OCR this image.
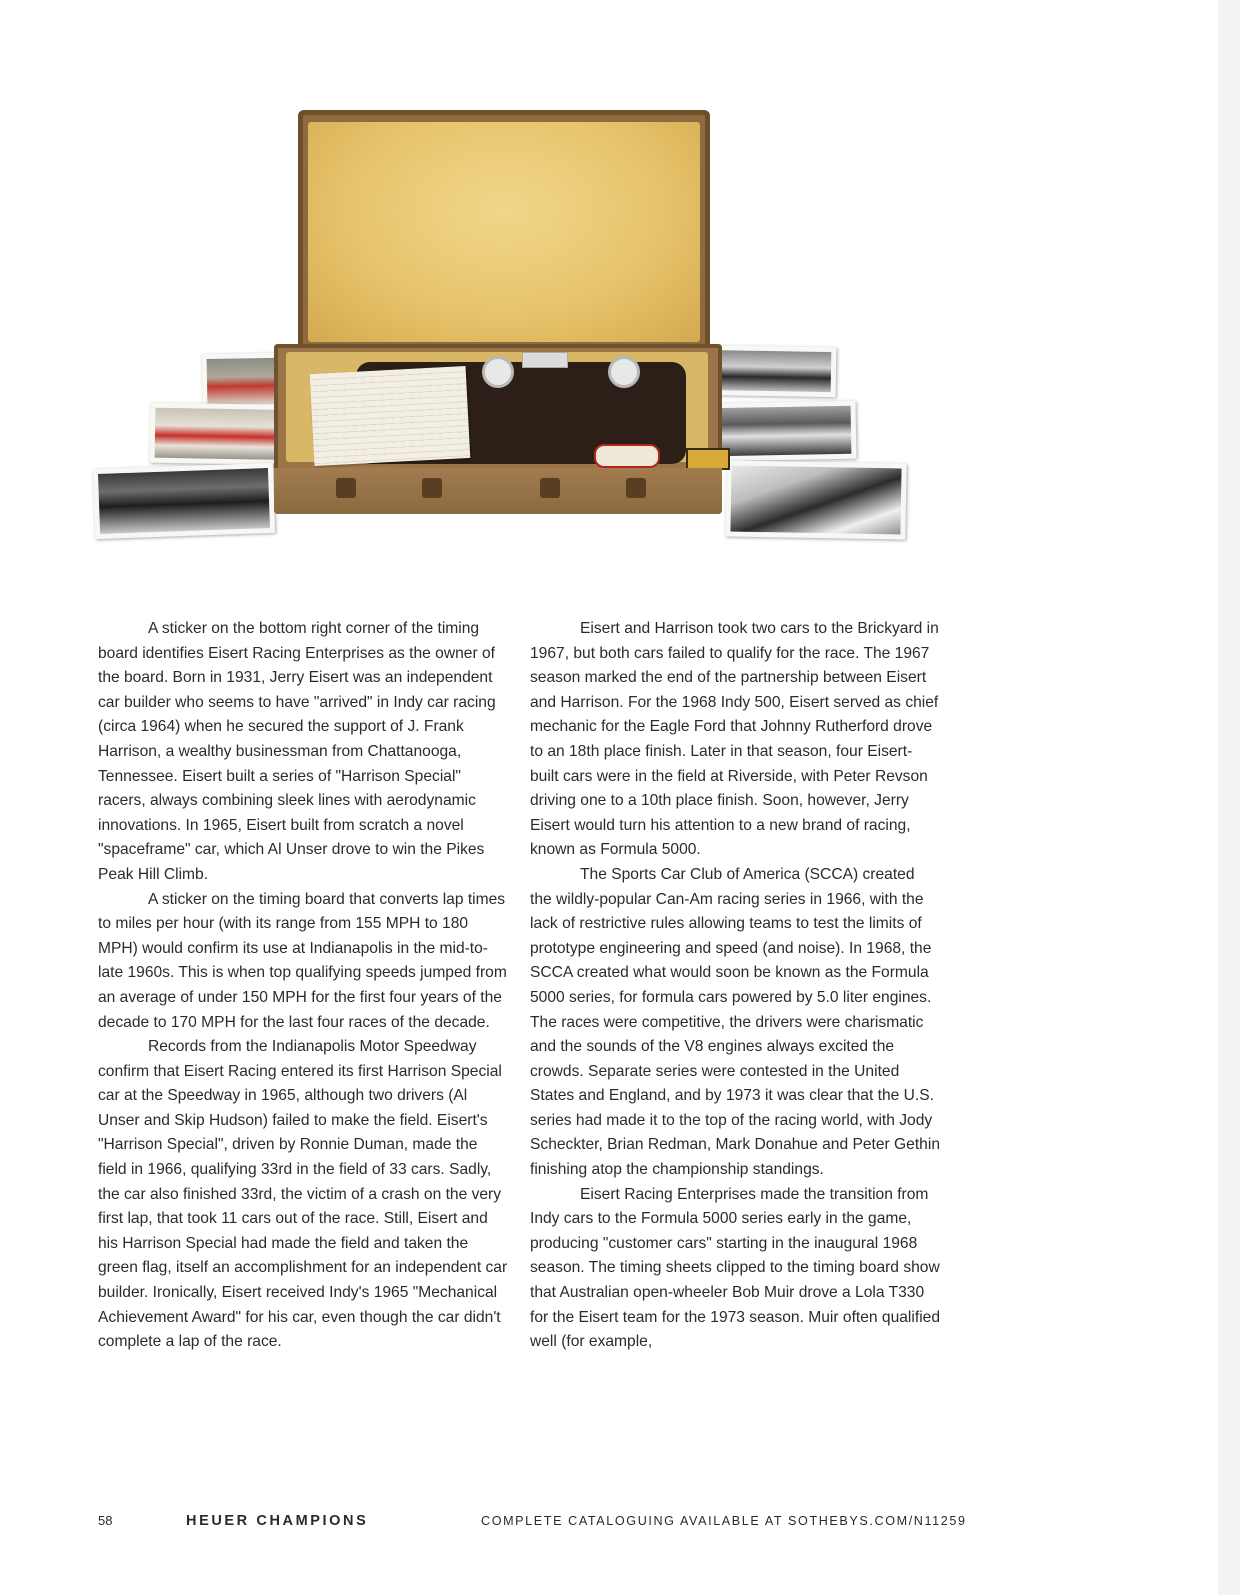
A sticker on the bottom right corner of the timing board identifies Eisert Racing Enterprises as the owner of the board. Born in 1931, Jerry Eisert was an independent car builder who seems to have "arrived" in Indy car racing (circa 1964) when he secured the support of J. Frank Harrison, a wealthy businessman from Chattanooga, Tennessee. Eisert built a series of "Harrison Special" racers, always combining sleek lines with aerodynamic innovations. In 1965, Eisert built from scratch a novel "spaceframe" car, which Al Unser drove to win the Pikes Peak Hill Climb.

A sticker on the timing board that converts lap times to miles per hour (with its range from 155 MPH to 180 MPH) would confirm its use at Indianapolis in the mid-to-late 1960s. This is when top qualifying speeds jumped from an average of under 150 MPH for the first four years of the decade to 170 MPH for the last four races of the decade.

Records from the Indianapolis Motor Speedway confirm that Eisert Racing entered its first Harrison Special car at the Speedway in 1965, although two drivers (Al Unser and Skip Hudson) failed to make the field. Eisert's "Harrison Special", driven by Ronnie Duman, made the field in 1966, qualifying 33rd in the field of 33 cars. Sadly, the car also finished 33rd, the victim of a crash on the very first lap, that took 11 cars out of the race. Still, Eisert and his Harrison Special had made the field and taken the green flag, itself an accomplishment for an independent car builder. Ironically, Eisert received Indy's 1965 "Mechanical Achievement Award" for his car, even though the car didn't complete a lap of the race.

Eisert and Harrison took two cars to the Brickyard in 1967, but both cars failed to qualify for the race. The 1967 season marked the end of the partnership between Eisert and Harrison. For the 1968 Indy 500, Eisert served as chief mechanic for the Eagle Ford that Johnny Rutherford drove to an 18th place finish. Later in that season, four Eisert-built cars were in the field at Riverside, with Peter Revson driving one to a 10th place finish. Soon, however, Jerry Eisert would turn his attention to a new brand of racing, known as Formula 5000.

The Sports Car Club of America (SCCA) created the wildly-popular Can-Am racing series in 1966, with the lack of restrictive rules allowing teams to test the limits of prototype engineering and speed (and noise). In 1968, the SCCA created what would soon be known as the Formula 5000 series, for formula cars powered by 5.0 liter engines. The races were competitive, the drivers were charismatic and the sounds of the V8 engines always excited the crowds. Separate series were contested in the United States and England, and by 1973 it was clear that the U.S. series had made it to the top of the racing world, with Jody Scheckter, Brian Redman, Mark Donahue and Peter Gethin finishing atop the championship standings.

Eisert Racing Enterprises made the transition from Indy cars to the Formula 5000 series early in the game, producing "customer cars" starting in the inaugural 1968 season. The timing sheets clipped to the timing board show that Australian open-wheeler Bob Muir drove a Lola T330 for the Eisert team for the 1973 season. Muir often qualified well (for example,

58	HEUER CHAMPIONS	COMPLETE CATALOGUING AVAILABLE AT SOTHEBYS.COM/N11259
